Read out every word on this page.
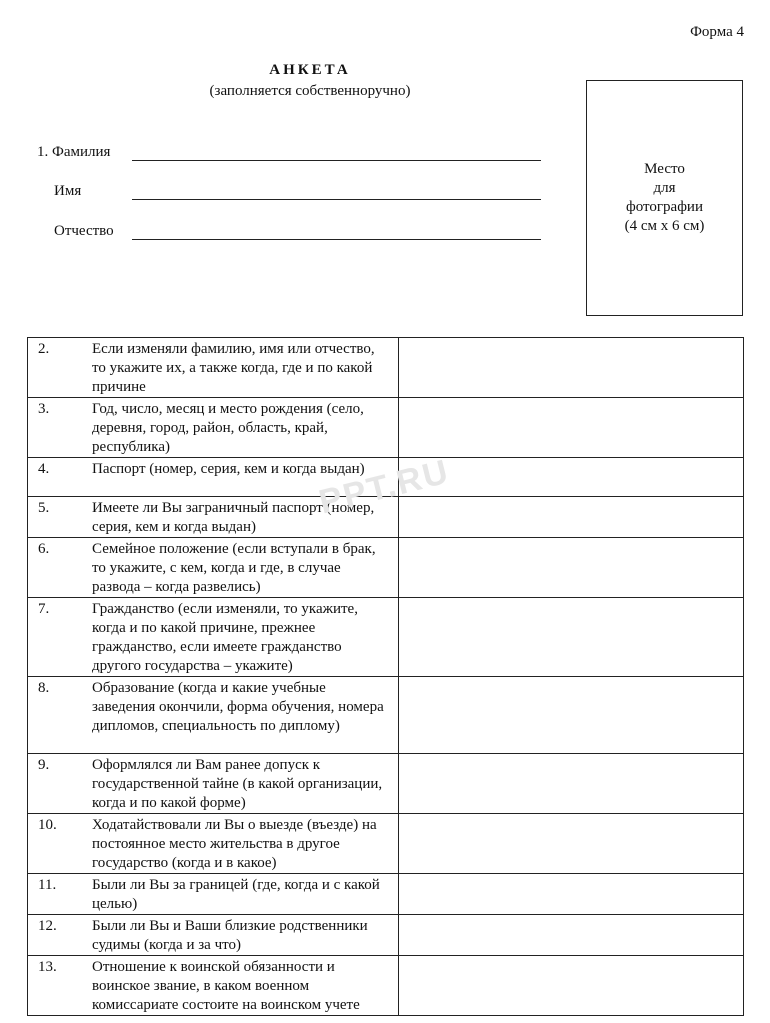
Форма 4
АНКЕТА
(заполняется собственноручно)
1. Фамилия
Имя
Отчество
Место
для
фотографии
(4 см х 6 см)
2.	Если изменяли фамилию, имя или отчество, то укажите их, а также когда, где и по какой причине	
3.	Год, число, месяц и место рождения (село, деревня, город, район, область, край, республика)	
4.	Паспорт (номер, серия, кем и когда выдан)	
5.	Имеете ли Вы заграничный паспорт (номер, серия, кем и когда выдан)	
6.	Семейное положение (если вступали в брак, то укажите, с кем, когда и где, в случае развода – когда развелись)	
7.	Гражданство (если изменяли, то укажите, когда и по какой причине, прежнее гражданство, если имеете гражданство другого государства – укажите)	
8.	Образование (когда и какие учебные заведения окончили, форма обучения, номера дипломов, специальность по диплому)	
9.	Оформлялся ли Вам ранее допуск к государственной тайне (в какой организации, когда и по какой форме)	
10.	Ходатайствовали ли Вы о выезде (въезде) на постоянное место жительства в другое государство (когда и в какое)	
11.	Были ли Вы за границей (где, когда и с какой целью)	
12.	Были ли Вы и Ваши близкие родственники судимы (когда и за что)	
13.	Отношение к воинской обязанности и воинское звание, в каком военном комиссариате состоите на воинском учете	
PPT.RU
